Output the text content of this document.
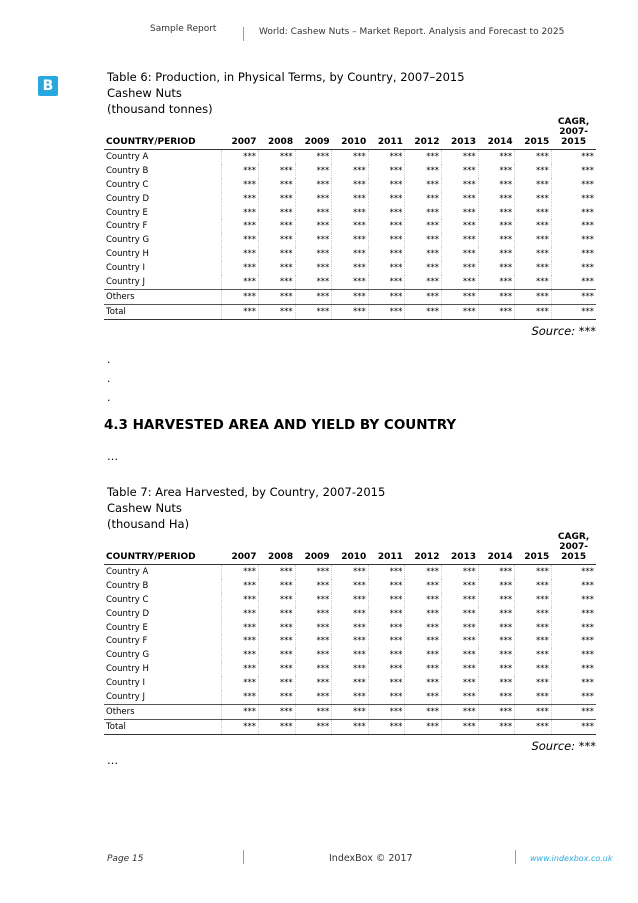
Sample Report	World: Cashew Nuts – Market Report. Analysis and Forecast to 2025
B
Table 6: Production, in Physical Terms, by Country, 2007–2015
Cashew Nuts
(thousand tonnes)
COUNTRY/PERIOD	2007	2008	2009	2010	2011	2012	2013	2014	2015	CAGR,
2007-
2015

Country A	***	***	***	***	***	***	***	***	***	***
Country B	***	***	***	***	***	***	***	***	***	***
Country C	***	***	***	***	***	***	***	***	***	***
Country D	***	***	***	***	***	***	***	***	***	***
Country E	***	***	***	***	***	***	***	***	***	***
Country F	***	***	***	***	***	***	***	***	***	***
Country G	***	***	***	***	***	***	***	***	***	***
Country H	***	***	***	***	***	***	***	***	***	***
Country I	***	***	***	***	***	***	***	***	***	***
Country J	***	***	***	***	***	***	***	***	***	***
Others	***	***	***	***	***	***	***	***	***	***
Total	***	***	***	***	***	***	***	***	***	***
Source: ***
.
.
.
4.3 HARVESTED AREA AND YIELD BY COUNTRY
…
Table 7: Area Harvested, by Country, 2007-2015
Cashew Nuts
(thousand Ha)
COUNTRY/PERIOD	2007	2008	2009	2010	2011	2012	2013	2014	2015	CAGR,
2007-
2015

Country A	***	***	***	***	***	***	***	***	***	***
Country B	***	***	***	***	***	***	***	***	***	***
Country C	***	***	***	***	***	***	***	***	***	***
Country D	***	***	***	***	***	***	***	***	***	***
Country E	***	***	***	***	***	***	***	***	***	***
Country F	***	***	***	***	***	***	***	***	***	***
Country G	***	***	***	***	***	***	***	***	***	***
Country H	***	***	***	***	***	***	***	***	***	***
Country I	***	***	***	***	***	***	***	***	***	***
Country J	***	***	***	***	***	***	***	***	***	***
Others	***	***	***	***	***	***	***	***	***	***
Total	***	***	***	***	***	***	***	***	***	***
Source: ***
…
Page 15	IndexBox © 2017	www.indexbox.co.uk
